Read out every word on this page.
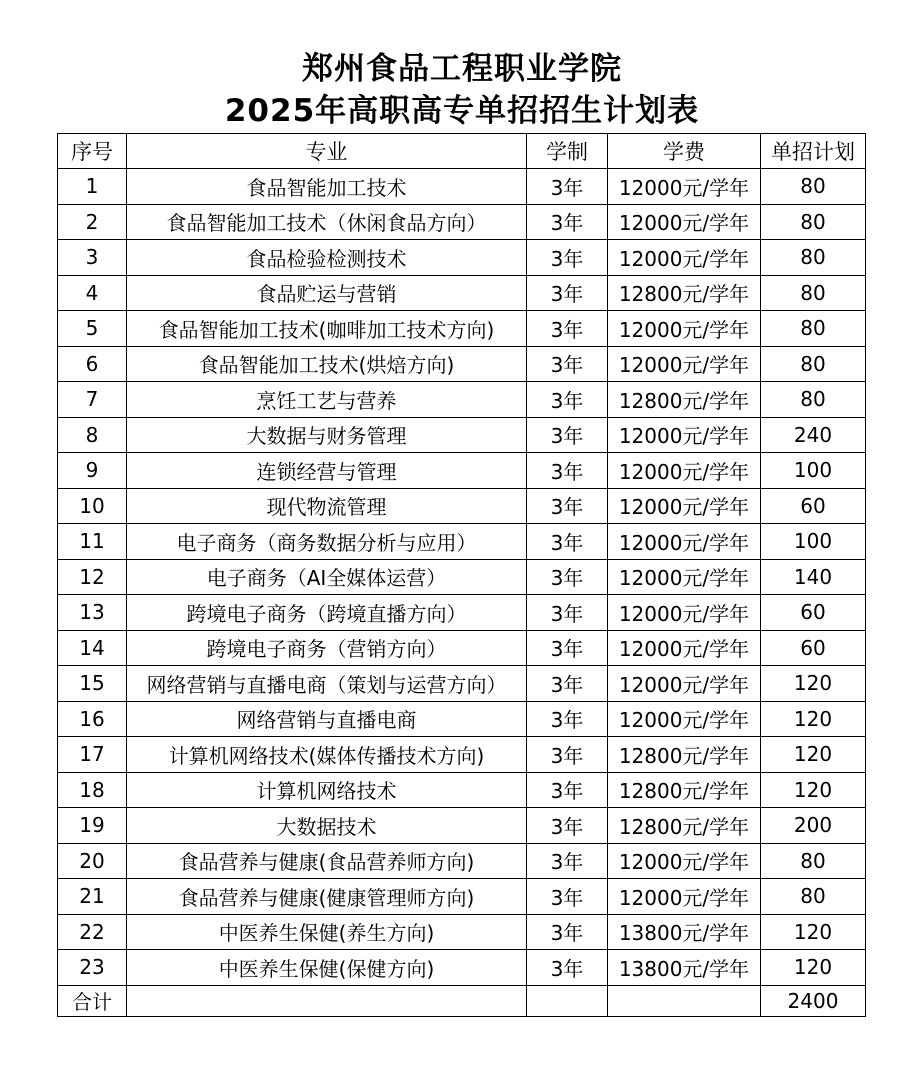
郑州食品工程职业学院
2025年高职高专单招招生计划表
序号	专业	学制	学费	单招计划
1	食品智能加工技术	3年	12000元/学年	80
2	食品智能加工技术（休闲食品方向）	3年	12000元/学年	80
3	食品检验检测技术	3年	12000元/学年	80
4	食品贮运与营销	3年	12800元/学年	80
5	食品智能加工技术(咖啡加工技术方向)	3年	12000元/学年	80
6	食品智能加工技术(烘焙方向)	3年	12000元/学年	80
7	烹饪工艺与营养	3年	12800元/学年	80
8	大数据与财务管理	3年	12000元/学年	240
9	连锁经营与管理	3年	12000元/学年	100
10	现代物流管理	3年	12000元/学年	60
11	电子商务（商务数据分析与应用）	3年	12000元/学年	100
12	电子商务（AI全媒体运营）	3年	12000元/学年	140
13	跨境电子商务（跨境直播方向）	3年	12000元/学年	60
14	跨境电子商务（营销方向）	3年	12000元/学年	60
15	网络营销与直播电商（策划与运营方向）	3年	12000元/学年	120
16	网络营销与直播电商	3年	12000元/学年	120
17	计算机网络技术(媒体传播技术方向)	3年	12800元/学年	120
18	计算机网络技术	3年	12800元/学年	120
19	大数据技术	3年	12800元/学年	200
20	食品营养与健康(食品营养师方向)	3年	12000元/学年	80
21	食品营养与健康(健康管理师方向)	3年	12000元/学年	80
22	中医养生保健(养生方向)	3年	13800元/学年	120
23	中医养生保健(保健方向)	3年	13800元/学年	120
合计				2400
